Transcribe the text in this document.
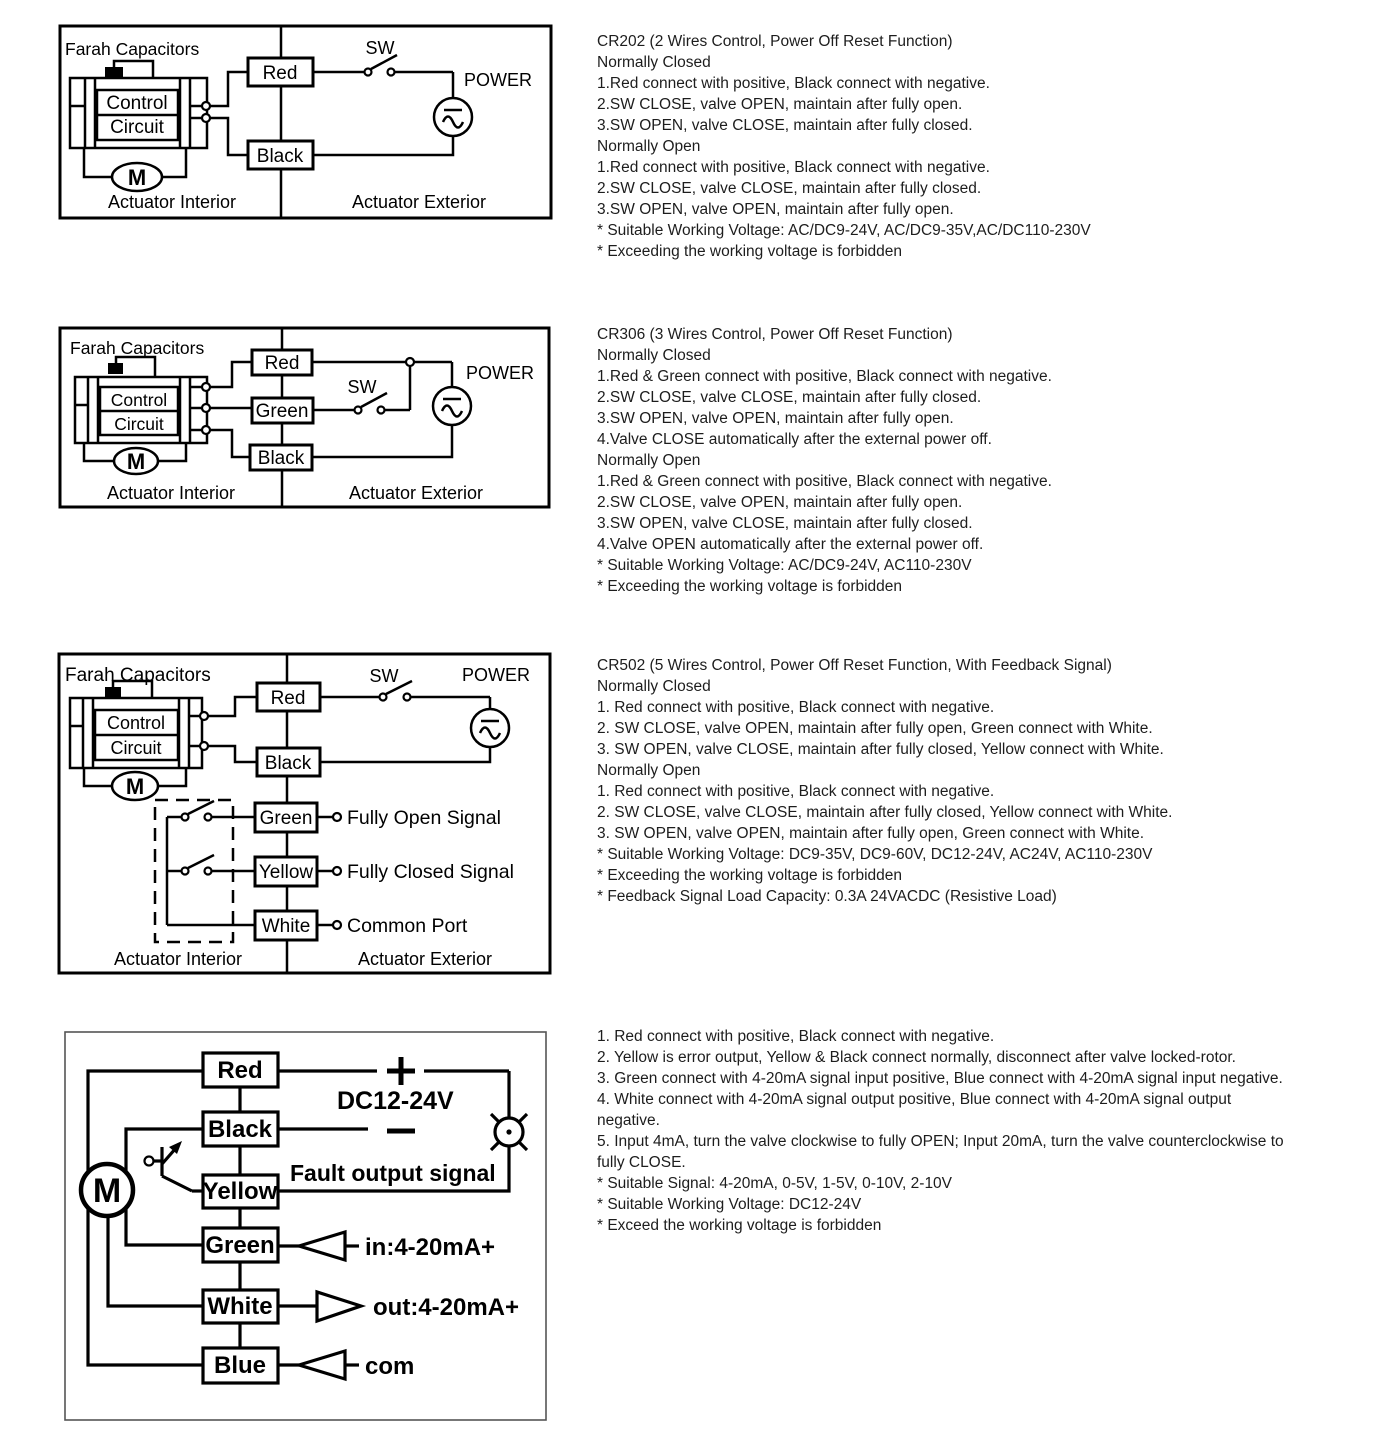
Control
Circuit
Farah Capacitors
M
Red
Black
SW
POWER
Actuator Interior	Actuator Exterior
Control
Circuit
Farah Capacitors
M
Red
Green
Black
SW
POWER
Actuator Interior	Actuator Exterior
Control
Circuit
Farah Capacitors
M
Red
Black
Green
Yellow
White
SW	POWER
Fully Open Signal
Fully Closed Signal
Common Port
Actuator Interior	Actuator Exterior
M
Red
Black
Yellow
Green
White
Blue
DC12-24V
Fault output signal
in:4-20mA+
out:4-20mA+
com
CR202 (2 Wires Control, Power Off Reset Function)
Normally Closed
1.Red connect with positive, Black connect with negative.
2.SW CLOSE, valve OPEN, maintain after fully open.
3.SW OPEN, valve CLOSE, maintain after fully closed.
Normally Open
1.Red connect with positive, Black connect with negative.
2.SW CLOSE, valve CLOSE, maintain after fully closed.
3.SW OPEN, valve OPEN, maintain after fully open.
* Suitable Working Voltage: AC/DC9-24V, AC/DC9-35V,AC/DC110-230V
* Exceeding the working voltage is forbidden
CR306 (3 Wires Control, Power Off Reset Function)
Normally Closed
1.Red & Green connect with positive, Black connect with negative.
2.SW CLOSE, valve CLOSE, maintain after fully closed.
3.SW OPEN, valve OPEN, maintain after fully open.
4.Valve CLOSE automatically after the external power off.
Normally Open
1.Red & Green connect with positive, Black connect with negative.
2.SW CLOSE, valve OPEN, maintain after fully open.
3.SW OPEN, valve CLOSE, maintain after fully closed.
4.Valve OPEN automatically after the external power off.
* Suitable Working Voltage: AC/DC9-24V, AC110-230V
* Exceeding the working voltage is forbidden
CR502 (5 Wires Control, Power Off Reset Function, With Feedback Signal)
Normally Closed
1. Red connect with positive, Black connect with negative.
2. SW CLOSE, valve OPEN, maintain after fully open, Green connect with White.
3. SW OPEN, valve CLOSE, maintain after fully closed, Yellow connect with White.
Normally Open
1. Red connect with positive, Black connect with negative.
2. SW CLOSE, valve CLOSE, maintain after fully closed, Yellow connect with White.
3. SW OPEN, valve OPEN, maintain after fully open, Green connect with White.
* Suitable Working Voltage: DC9-35V, DC9-60V, DC12-24V, AC24V, AC110-230V
* Exceeding the working voltage is forbidden
* Feedback Signal Load Capacity: 0.3A 24VACDC (Resistive Load)
1. Red connect with positive, Black connect with negative.
2. Yellow is error output, Yellow & Black connect normally, disconnect after valve locked-rotor.
3. Green connect with 4-20mA signal input positive, Blue connect with 4-20mA signal input negative.
4. White connect with 4-20mA signal output positive, Blue connect with 4-20mA signal output
negative.
5. Input 4mA, turn the valve clockwise to fully OPEN; Input 20mA, turn the valve counterclockwise to
fully CLOSE.
* Suitable Signal: 4-20mA, 0-5V, 1-5V, 0-10V, 2-10V
* Suitable Working Voltage: DC12-24V
* Exceed the working voltage is forbidden
